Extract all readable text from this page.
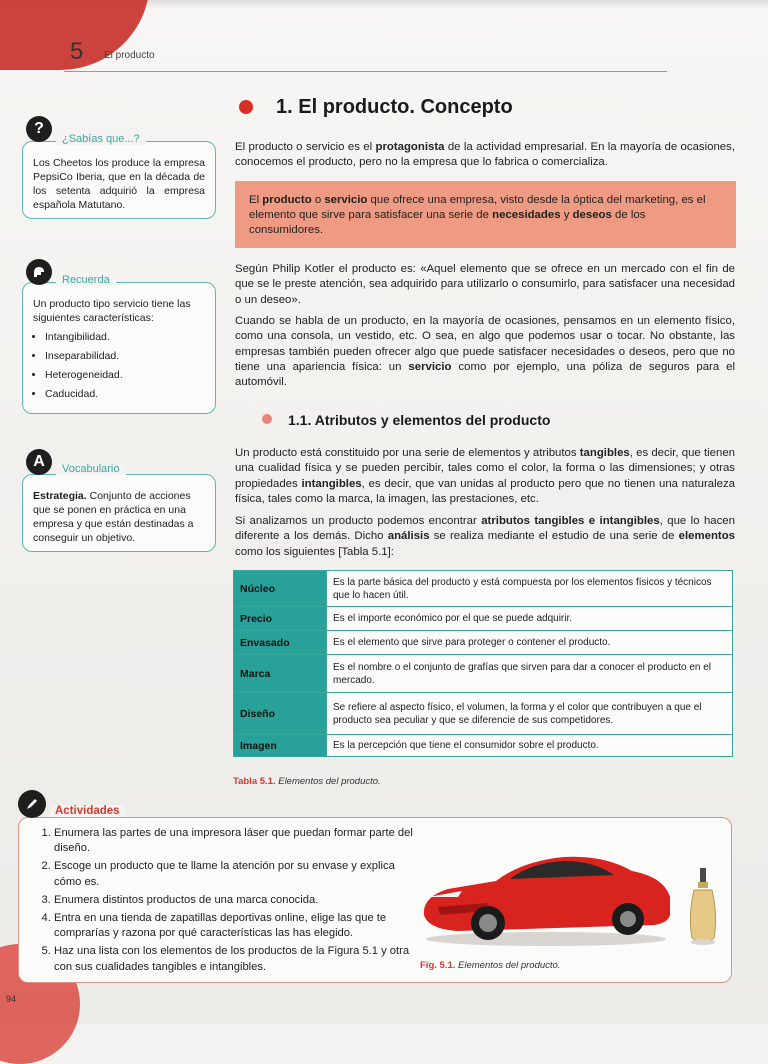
5 El producto
94
Los Cheetos los produce la empresa PepsiCo Iberia, que en la década de los setenta adquirió la empresa española Matutano.
?
¿Sabías que...?
Un producto tipo servicio tiene las siguientes características:
• Intangibilidad.
• Inseparabilidad.
• Heterogeneidad.
• Caducidad.
Recuerda
Estrategia. Conjunto de acciones que se ponen en práctica en una empresa y que están destinadas a conseguir un objetivo.
A	Vocabulario
1. El producto. Concepto
El producto o servicio es el protagonista de la actividad empresarial. En la mayoría de ocasiones, conocemos el producto, pero no la empresa que lo fabrica o comercializa.
El producto o servicio que ofrece una empresa, visto desde la óptica del marketing, es el elemento que sirve para satisfacer una serie de necesidades y deseos de los consumidores.
Según Philip Kotler el producto es: «Aquel elemento que se ofrece en un mercado con el fin de que se le preste atención, sea adquirido para utilizarlo o consumirlo, para satisfacer una necesidad o un deseo».
Cuando se habla de un producto, en la mayoría de ocasiones, pensamos en un elemento físico, como una consola, un vestido, etc. O sea, en algo que podemos usar o tocar. No obstante, las empresas también pueden ofrecer algo que puede satisfacer necesidades o deseos, pero que no tiene una apariencia física: un servicio como por ejemplo, una póliza de seguros para el automóvil.
1.1. Atributos y elementos del producto
Un producto está constituido por una serie de elementos y atributos tangibles, es decir, que tienen una cualidad física y se pueden percibir, tales como el color, la forma o las dimensiones; y otras propiedades intangibles, es decir, que van unidas al producto pero que no tienen una naturaleza física, tales como la marca, la imagen, las prestaciones, etc.
Si analizamos un producto podemos encontrar atributos tangibles e intangibles, que lo hacen diferente a los demás. Dicho análisis se realiza mediante el estudio de una serie de elementos como los siguientes [Tabla 5.1]:
Núcleo	Es la parte básica del producto y está compuesta por los elementos físicos y técnicos que lo hacen útil.
Precio	Es el importe económico por el que se puede adquirir.
Envasado	Es el elemento que sirve para proteger o contener el producto.
Marca	Es el nombre o el conjunto de grafías que sirven para dar a conocer el producto en el mercado.
Diseño	Se refiere al aspecto físico, el volumen, la forma y el color que contribuyen a que el producto sea peculiar y que se diferencie de sus competidores.
Imagen	Es la percepción que tiene el consumidor sobre el producto.
Tabla 5.1. Elementos del producto.
Actividades
1. Enumera las partes de una impresora láser que puedan formar parte del diseño.
2. Escoge un producto que te llame la atención por su envase y explica cómo es.
3. Enumera distintos productos de una marca conocida.
4. Entra en una tienda de zapatillas deportivas online, elige las que te comprarías y razona por qué características las has elegido.
5. Haz una lista con los elementos de los productos de la Figura 5.1 y otra con sus cualidades tangibles e intangibles.	Fig. 5.1. Elementos del producto.
